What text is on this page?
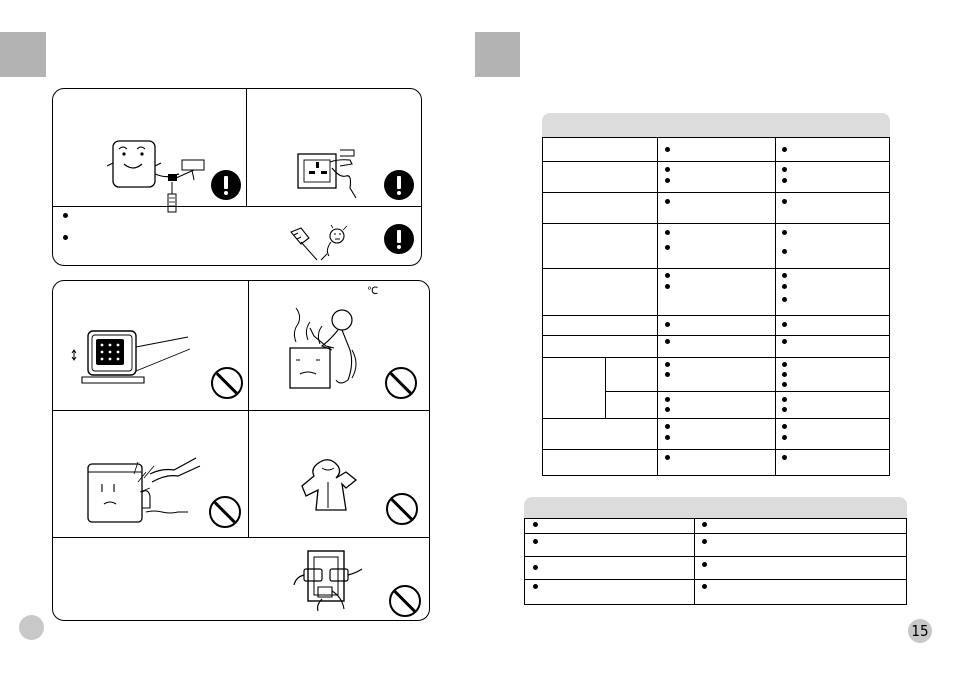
℃
15
